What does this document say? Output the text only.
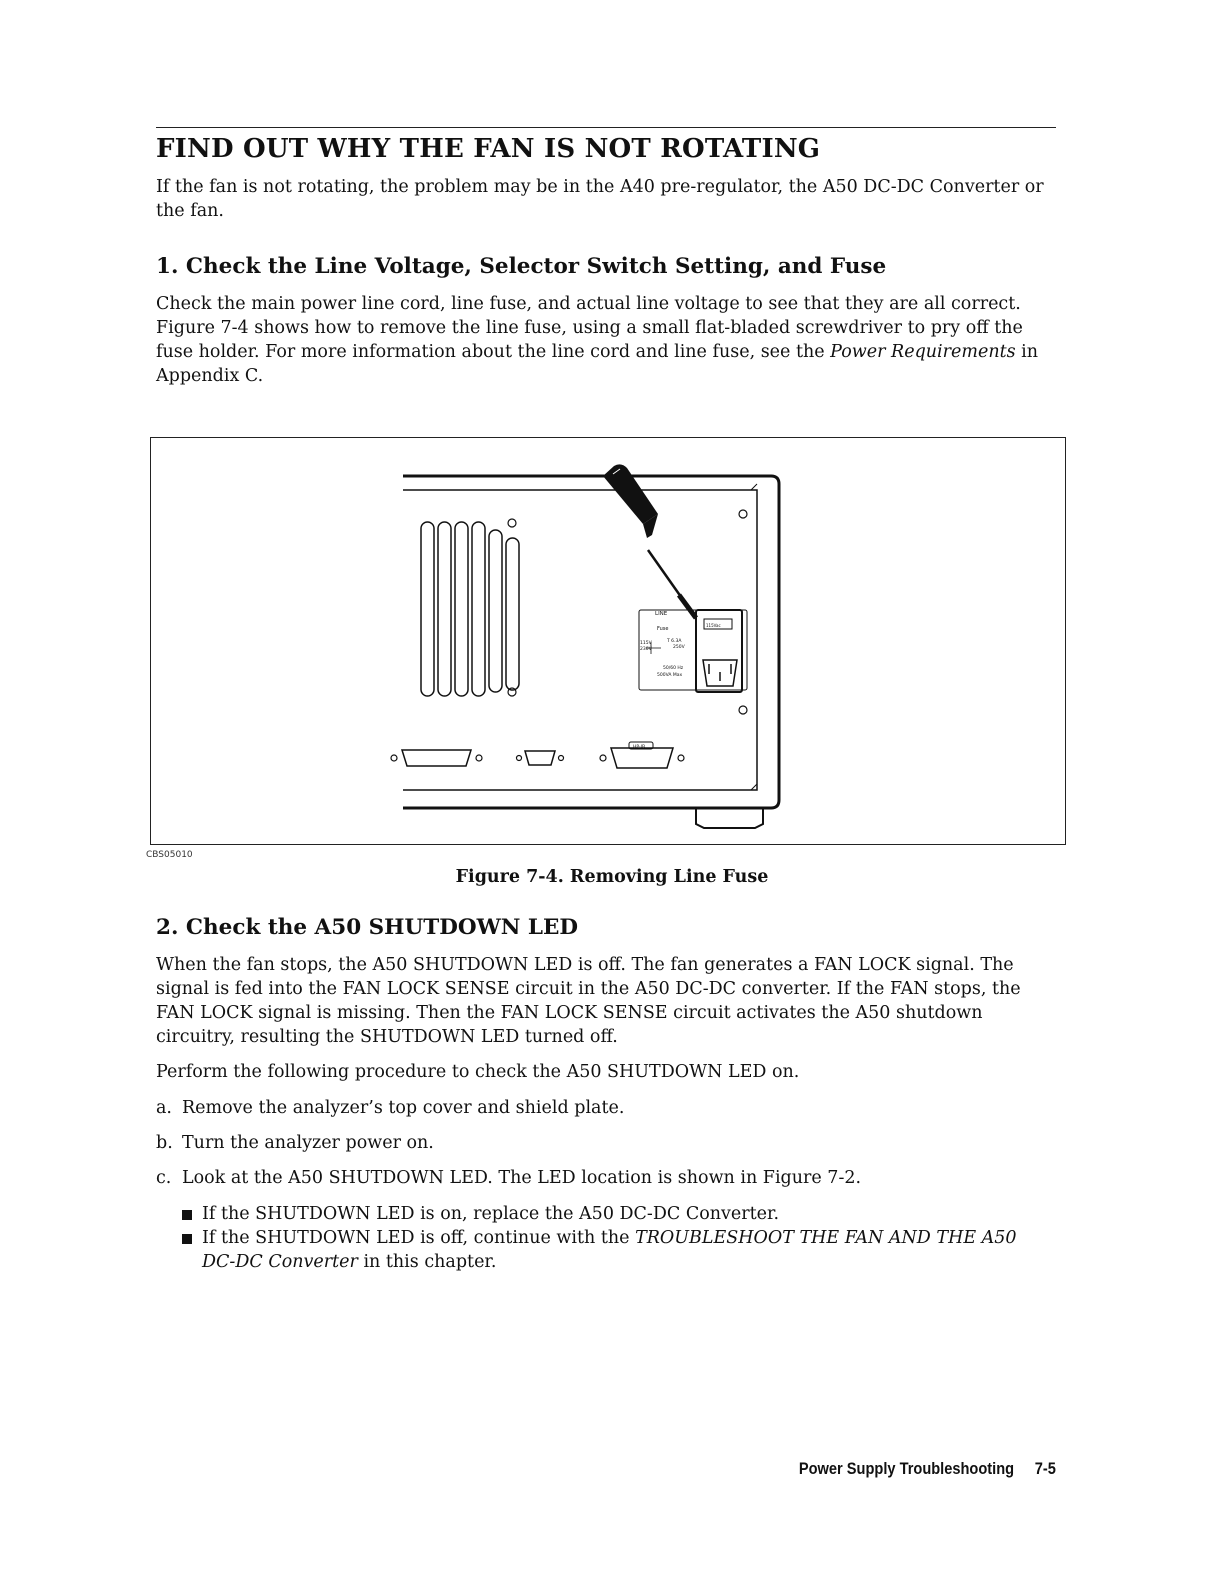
FIND OUT WHY THE FAN IS NOT ROTATING

If the fan is not rotating, the problem may be in the A40 pre-regulator, the A50 DC-DC Converter or the fan.

1. Check the Line Voltage, Selector Switch Setting, and Fuse

Check the main power line cord, line fuse, and actual line voltage to see that they are all correct. Figure 7-4 shows how to remove the line fuse, using a small flat-bladed screwdriver to pry off the fuse holder. For more information about the line cord and line fuse, see the Power Requirements in Appendix C.

LINE
Fuse
115V
230V
T 6.3A
250V
50/60 Hz
500VA Max
115Vac
HP-IB

CBS05010

Figure 7-4. Removing Line Fuse

2. Check the A50 SHUTDOWN LED

When the fan stops, the A50 SHUTDOWN LED is off. The fan generates a FAN LOCK signal. The signal is fed into the FAN LOCK SENSE circuit in the A50 DC-DC converter. If the FAN stops, the FAN LOCK signal is missing. Then the FAN LOCK SENSE circuit activates the A50 shutdown circuitry, resulting the SHUTDOWN LED turned off.

Perform the following procedure to check the A50 SHUTDOWN LED on.

a. Remove the analyzer’s top cover and shield plate.

b. Turn the analyzer power on.

c. Look at the A50 SHUTDOWN LED. The LED location is shown in Figure 7-2.

If the SHUTDOWN LED is on, replace the A50 DC-DC Converter.
If the SHUTDOWN LED is off, continue with the TROUBLESHOOT THE FAN AND THE A50 DC-DC Converter in this chapter.

Power Supply Troubleshooting 7-5
